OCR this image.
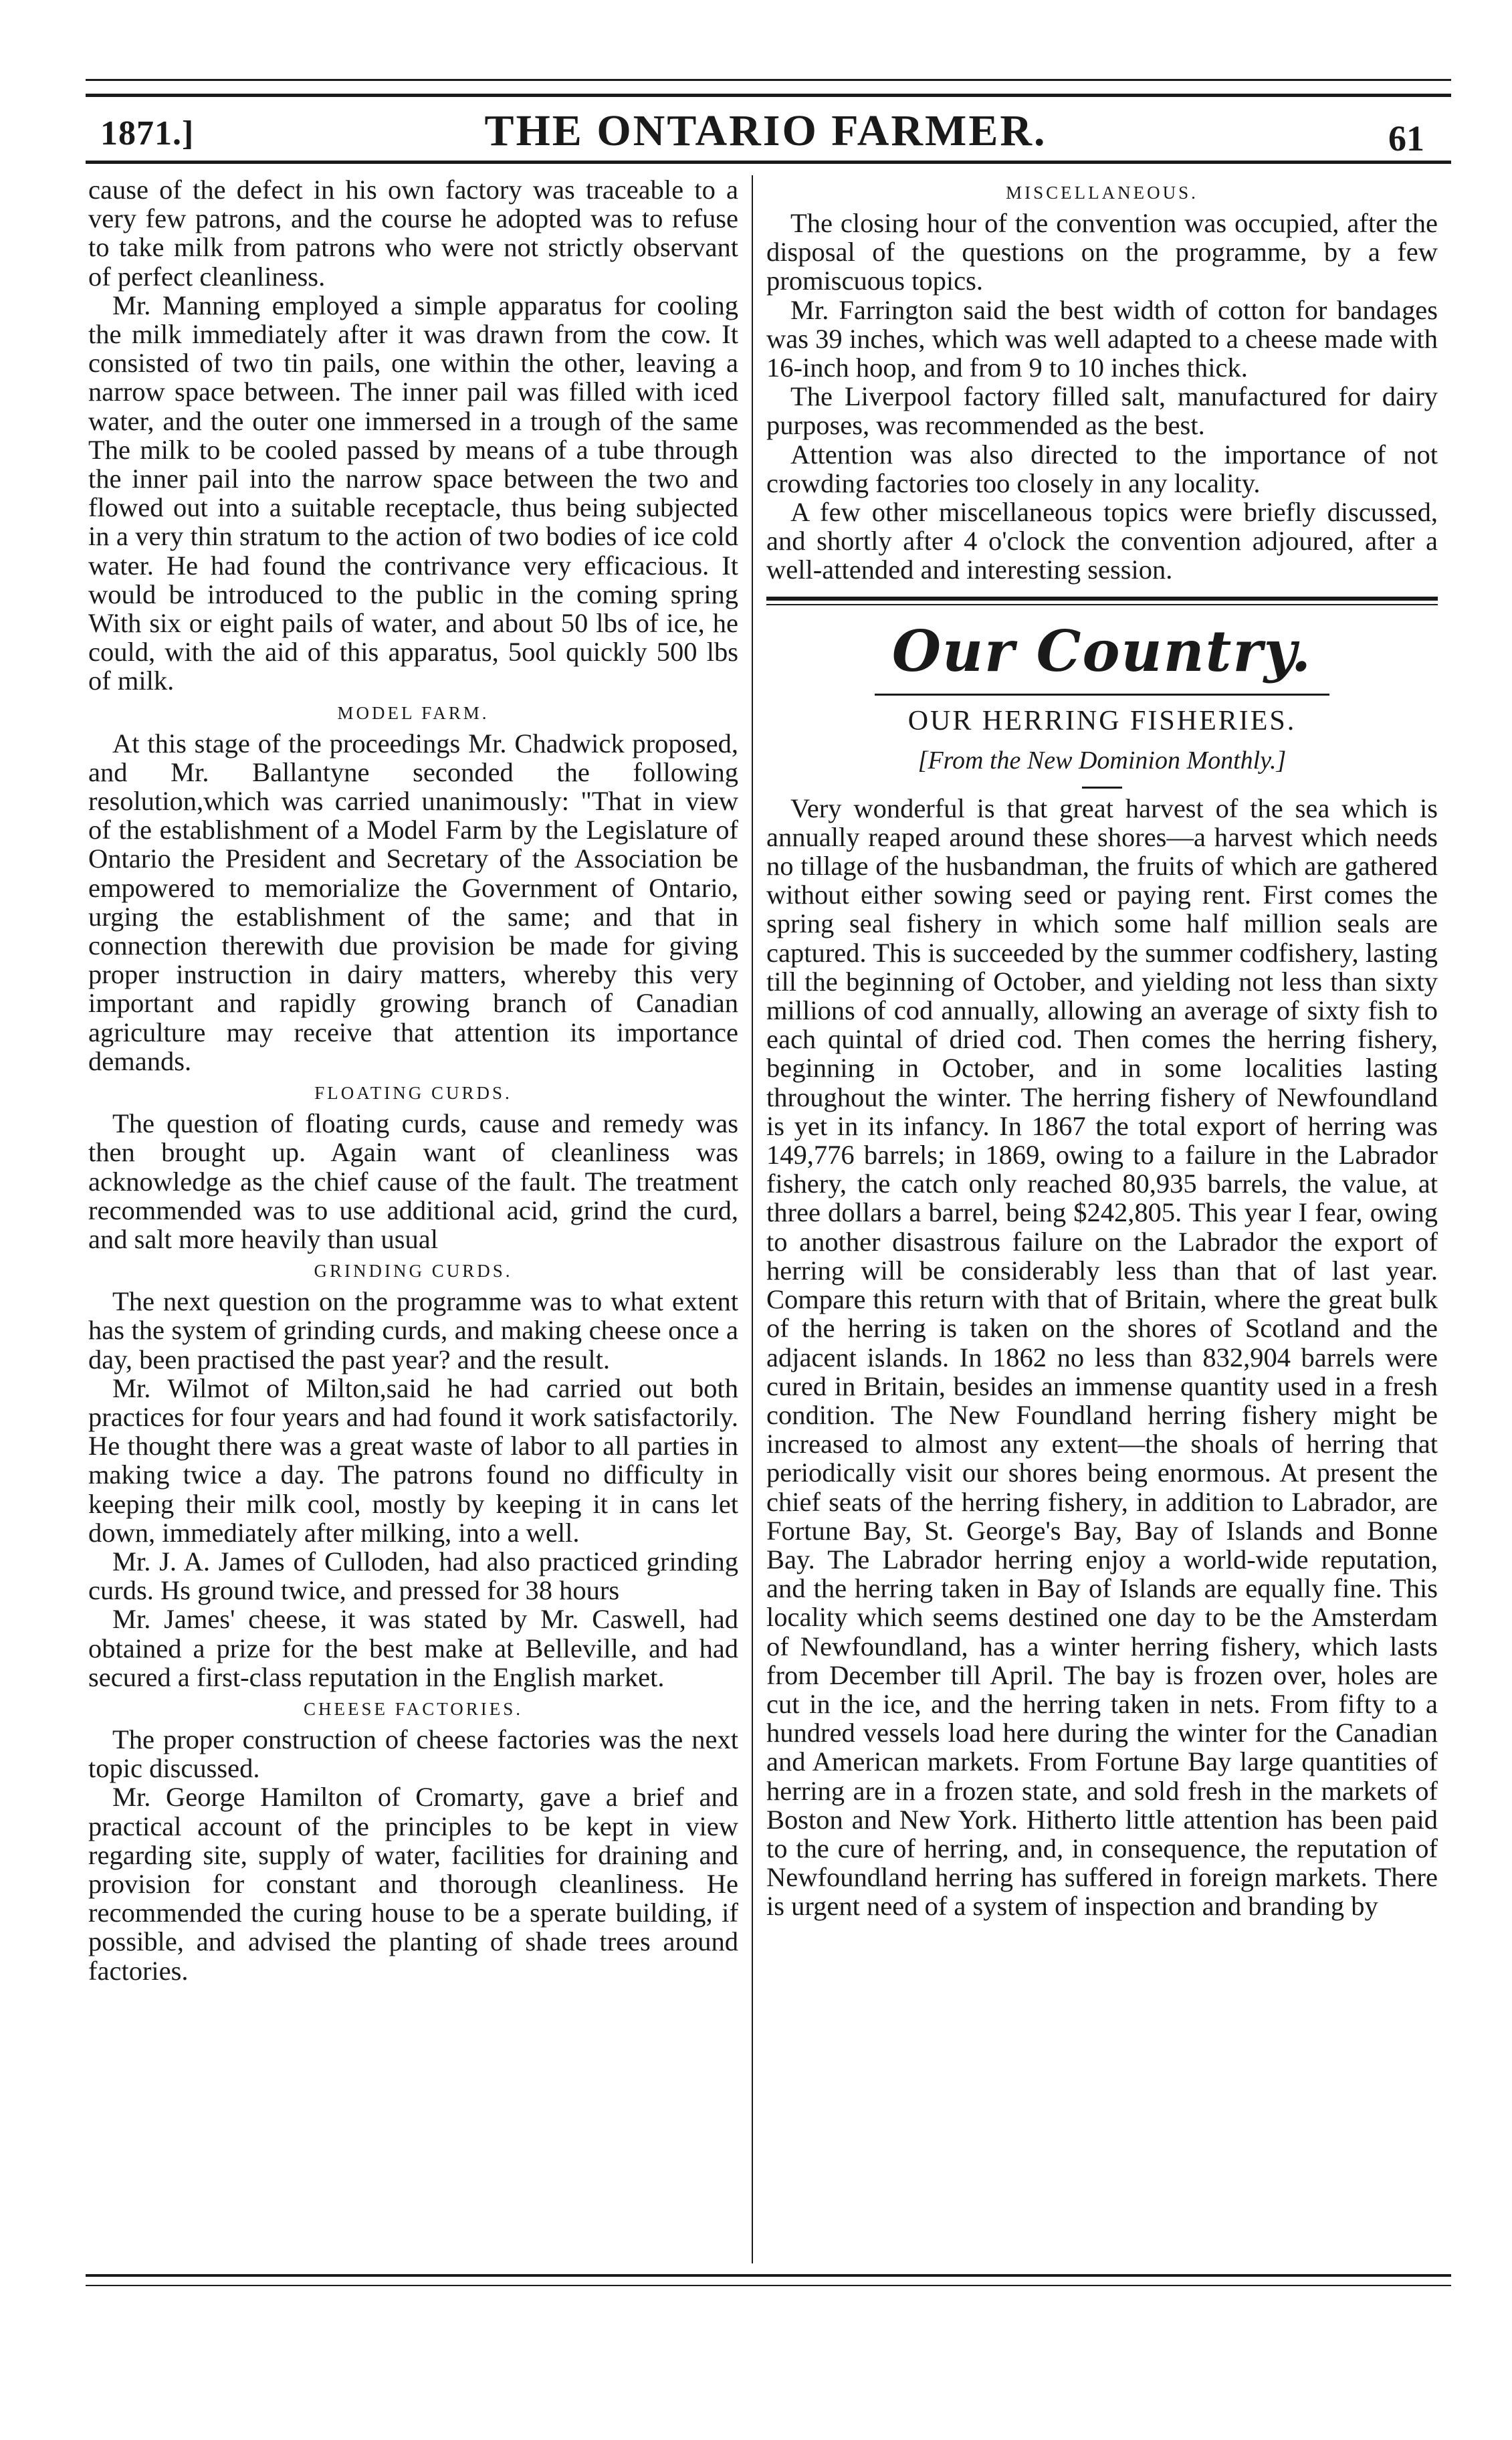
1871.]	THE ONTARIO FARMER.	61

cause of the defect in his own factory was traceable to a very few patrons, and the course he adopted was to refuse to take milk from patrons who were not strictly observant of perfect cleanliness.

Mr. Manning employed a simple apparatus for cooling the milk immediately after it was drawn from the cow. It consisted of two tin pails, one within the other, leaving a narrow space between. The inner pail was filled with iced water, and the outer one immersed in a trough of the same The milk to be cooled passed by means of a tube through the inner pail into the narrow space between the two and flowed out into a suitable receptacle, thus being subjected in a very thin stratum to the action of two bodies of ice cold water. He had found the contrivance very efficacious. It would be introduced to the public in the coming spring With six or eight pails of water, and about 50 lbs of ice, he could, with the aid of this apparatus, 5ool quickly 500 lbs of milk.

MODEL FARM.

At this stage of the proceedings Mr. Chadwick proposed, and Mr. Ballantyne seconded the following resolution,which was carried unanimously: "That in view of the establishment of a Model Farm by the Legislature of Ontario the President and Secretary of the Association be empowered to memorialize the Government of Ontario, urging the establishment of the same; and that in connection therewith due provision be made for giving proper instruction in dairy matters, whereby this very important and rapidly growing branch of Canadian agriculture may receive that attention its importance demands.

FLOATING CURDS.

The question of floating curds, cause and remedy was then brought up. Again want of cleanliness was acknowledge as the chief cause of the fault. The treatment recommended was to use additional acid, grind the curd, and salt more heavily than usual

GRINDING CURDS.

The next question on the programme was to what extent has the system of grinding curds, and making cheese once a day, been practised the past year? and the result.

Mr. Wilmot of Milton,said he had carried out both practices for four years and had found it work satisfactorily. He thought there was a great waste of labor to all parties in making twice a day. The patrons found no difficulty in keeping their milk cool, mostly by keeping it in cans let down, immediately after milking, into a well.

Mr. J. A. James of Culloden, had also practiced grinding curds. Hs ground twice, and pressed for 38 hours

Mr. James' cheese, it was stated by Mr. Caswell, had obtained a prize for the best make at Belleville, and had secured a first-class reputation in the English market.

CHEESE FACTORIES.

The proper construction of cheese factories was the next topic discussed.

Mr. George Hamilton of Cromarty, gave a brief and practical account of the principles to be kept in view regarding site, supply of water, facilities for draining and provision for constant and thorough cleanliness. He recommended the curing house to be a sperate building, if possible, and advised the planting of shade trees around factories.

MISCELLANEOUS.

The closing hour of the convention was occupied, after the disposal of the questions on the programme, by a few promiscuous topics.

Mr. Farrington said the best width of cotton for bandages was 39 inches, which was well adapted to a cheese made with 16-inch hoop, and from 9 to 10 inches thick.

The Liverpool factory filled salt, manufactured for dairy purposes, was recommended as the best.

Attention was also directed to the importance of not crowding factories too closely in any locality.

A few other miscellaneous topics were briefly discussed, and shortly after 4 o'clock the convention adjoured, after a well-attended and interesting session.

Our Country.
OUR HERRING FISHERIES.
[From the New Dominion Monthly.]

Very wonderful is that great harvest of the sea which is annually reaped around these shores—a harvest which needs no tillage of the husbandman, the fruits of which are gathered without either sowing seed or paying rent. First comes the spring seal fishery in which some half million seals are captured. This is succeeded by the summer codfishery, lasting till the beginning of October, and yielding not less than sixty millions of cod annually, allowing an average of sixty fish to each quintal of dried cod. Then comes the herring fishery, beginning in October, and in some localities lasting throughout the winter. The herring fishery of Newfoundland is yet in its infancy. In 1867 the total export of herring was 149,776 barrels; in 1869, owing to a failure in the Labrador fishery, the catch only reached 80,935 barrels, the value, at three dollars a barrel, being $242,805. This year I fear, owing to another disastrous failure on the Labrador the export of herring will be considerably less than that of last year. Compare this return with that of Britain, where the great bulk of the herring is taken on the shores of Scotland and the adjacent islands. In 1862 no less than 832,904 barrels were cured in Britain, besides an immense quantity used in a fresh condition. The New Foundland herring fishery might be increased to almost any extent—the shoals of herring that periodically visit our shores being enormous. At present the chief seats of the herring fishery, in addition to Labrador, are Fortune Bay, St. George's Bay, Bay of Islands and Bonne Bay. The Labrador herring enjoy a world-wide reputation, and the herring taken in Bay of Islands are equally fine. This locality which seems destined one day to be the Amsterdam of Newfoundland, has a winter herring fishery, which lasts from December till April. The bay is frozen over, holes are cut in the ice, and the herring taken in nets. From fifty to a hundred vessels load here during the winter for the Canadian and American markets. From Fortune Bay large quantities of herring are in a frozen state, and sold fresh in the markets of Boston and New York. Hitherto little attention has been paid to the cure of herring, and, in consequence, the reputation of Newfoundland herring has suffered in foreign markets. There is urgent need of a system of inspection and branding by
